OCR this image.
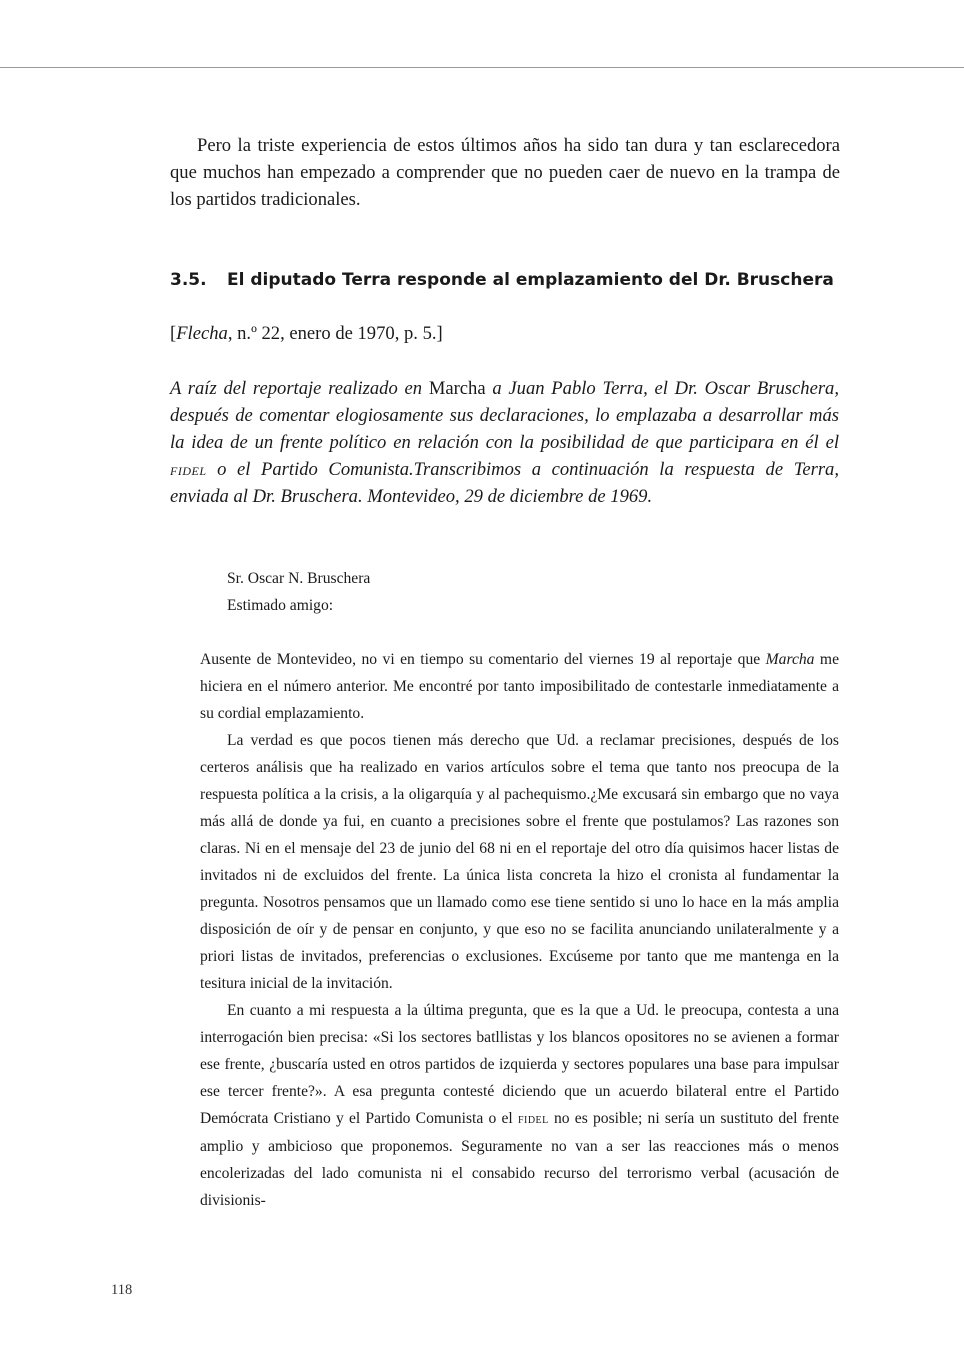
Pero la triste experiencia de estos últimos años ha sido tan dura y tan esclarecedora que muchos han empezado a comprender que no pueden caer de nuevo en la trampa de los partidos tradicionales.

3.5. El diputado Terra responde al emplazamiento del Dr. Bruschera

[Flecha, n.º 22, enero de 1970, p. 5.]

A raíz del reportaje realizado en Marcha a Juan Pablo Terra, el Dr. Oscar Bruschera, después de comentar elogiosamente sus declaraciones, lo emplazaba a desarrollar más la idea de un frente político en relación con la posibilidad de que participara en él el fidel o el Partido Comunista.Transcribimos a continuación la respuesta de Terra, enviada al Dr. Bruschera. Montevideo, 29 de diciembre de 1969.

Sr. Oscar N. Bruschera
Estimado amigo:

Ausente de Montevideo, no vi en tiempo su comentario del viernes 19 al reportaje que Marcha me hiciera en el número anterior. Me encontré por tanto imposibilitado de contestarle inmediatamente a su cordial emplazamiento.

La verdad es que pocos tienen más derecho que Ud. a reclamar precisiones, después de los certeros análisis que ha realizado en varios artículos sobre el tema que tanto nos preocupa de la respuesta política a la crisis, a la oligarquía y al pachequismo.¿Me excusará sin embargo que no vaya más allá de donde ya fui, en cuanto a precisiones sobre el frente que postulamos? Las razones son claras. Ni en el mensaje del 23 de junio del 68 ni en el reportaje del otro día quisimos hacer listas de invitados ni de excluidos del frente. La única lista concreta la hizo el cronista al fundamentar la pregunta. Nosotros pensamos que un llamado como ese tiene sentido si uno lo hace en la más amplia disposición de oír y de pensar en conjunto, y que eso no se facilita anunciando unilateralmente y a priori listas de invitados, preferencias o exclusiones. Excúseme por tanto que me mantenga en la tesitura inicial de la invitación.

En cuanto a mi respuesta a la última pregunta, que es la que a Ud. le preocupa, contesta a una interrogación bien precisa: «Si los sectores batllistas y los blancos opositores no se avienen a formar ese frente, ¿buscaría usted en otros partidos de izquierda y sectores populares una base para impulsar ese tercer frente?». A esa pregunta contesté diciendo que un acuerdo bilateral entre el Partido Demócrata Cristiano y el Partido Comunista o el fidel no es posible; ni sería un sustituto del frente amplio y ambicioso que proponemos. Seguramente no van a ser las reacciones más o menos encolerizadas del lado comunista ni el consabido recurso del terrorismo verbal (acusación de divisionis-

118
